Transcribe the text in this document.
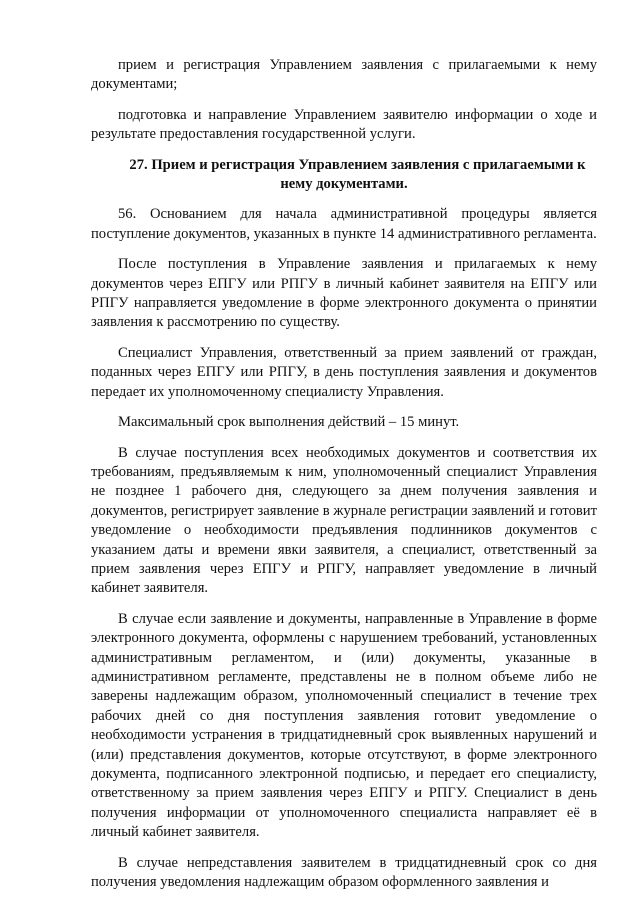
прием и регистрация Управлением заявления с прилагаемыми к нему документами;

подготовка и направление Управлением заявителю информации о ходе и результате предоставления государственной услуги.

27. Прием и регистрация Управлением заявления с прилагаемыми к нему документами.

56. Основанием для начала административной процедуры является поступление документов, указанных в пункте 14 административного регламента.

После поступления в Управление заявления и прилагаемых к нему документов через ЕПГУ или РПГУ в личный кабинет заявителя на ЕПГУ или РПГУ направляется уведомление в форме электронного документа о принятии заявления к рассмотрению по существу.

Специалист Управления, ответственный за прием заявлений от граждан, поданных через ЕПГУ или РПГУ, в день поступления заявления и документов передает их уполномоченному специалисту Управления.

Максимальный срок выполнения действий – 15 минут.

В случае поступления всех необходимых документов и соответствия их требованиям, предъявляемым к ним, уполномоченный специалист Управления не позднее 1 рабочего дня, следующего за днем получения заявления и документов, регистрирует заявление в журнале регистрации заявлений и готовит уведомление о необходимости предъявления подлинников документов с указанием даты и времени явки заявителя, а специалист, ответственный за прием заявления через ЕПГУ и РПГУ, направляет уведомление в личный кабинет заявителя.

В случае если заявление и документы, направленные в Управление в форме электронного документа, оформлены с нарушением требований, установленных административным регламентом, и (или) документы, указанные в административном регламенте, представлены не в полном объеме либо не заверены надлежащим образом, уполномоченный специалист в течение трех рабочих дней со дня поступления заявления готовит уведомление о необходимости устранения в тридцатидневный срок выявленных нарушений и (или) представления документов, которые отсутствуют, в форме электронного документа, подписанного электронной подписью, и передает его специалисту, ответственному за прием заявления через ЕПГУ и РПГУ. Специалист в день получения информации от уполномоченного специалиста направляет её в личный кабинет заявителя.

В случае непредставления заявителем в тридцатидневный срок со дня получения уведомления надлежащим образом оформленного заявления и
